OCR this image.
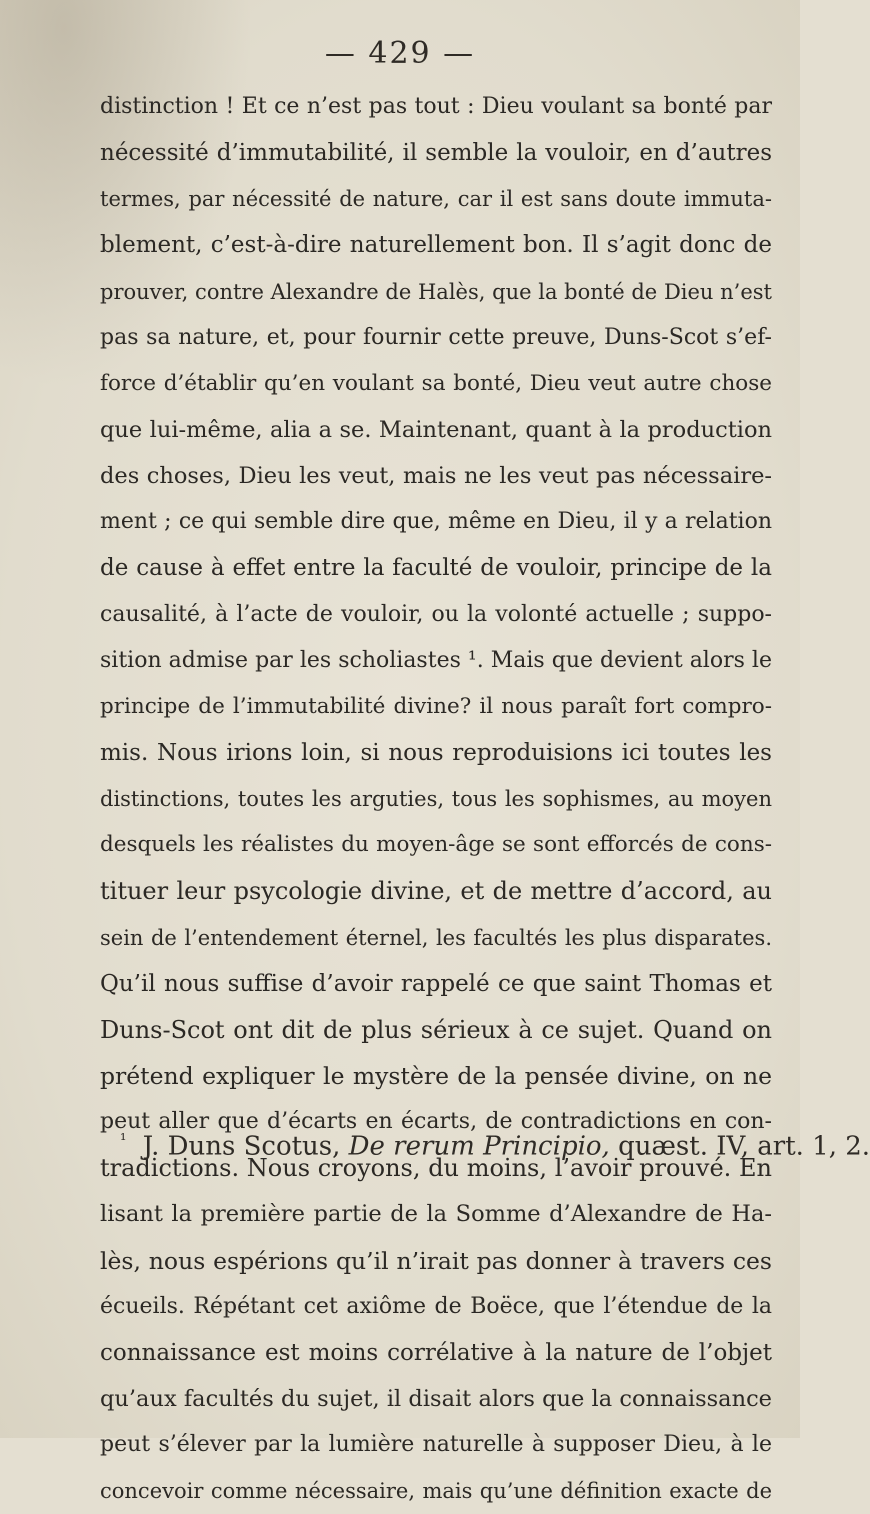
— 429 —
distinction ! Et ce n’est pas tout : Dieu voulant sa bonté par
nécessité d’immutabilité, il semble la vouloir, en d’autres
termes, par nécessité de nature, car il est sans doute immuta-
blement, c’est-à-dire naturellement bon. Il s’agit donc de
prouver, contre Alexandre de Halès, que la bonté de Dieu n’est
pas sa nature, et, pour fournir cette preuve, Duns-Scot s’ef-
force d’établir qu’en voulant sa bonté, Dieu veut autre chose
que lui-même, alia a se. Maintenant, quant à la production
des choses, Dieu les veut, mais ne les veut pas nécessaire-
ment ; ce qui semble dire que, même en Dieu, il y a relation
de cause à effet entre la faculté de vouloir, principe de la
causalité, à l’acte de vouloir, ou la volonté actuelle ; suppo-
sition admise par les scholiastes ¹. Mais que devient alors le
principe de l’immutabilité divine? il nous paraît fort compro-
mis. Nous irions loin, si nous reproduisions ici toutes les
distinctions, toutes les arguties, tous les sophismes, au moyen
desquels les réalistes du moyen-âge se sont efforcés de cons-
tituer leur psycologie divine, et de mettre d’accord, au
sein de l’entendement éternel, les facultés les plus disparates.
Qu’il nous suffise d’avoir rappelé ce que saint Thomas et
Duns-Scot ont dit de plus sérieux à ce sujet. Quand on
prétend expliquer le mystère de la pensée divine, on ne
peut aller que d’écarts en écarts, de contradictions en con-
tradictions. Nous croyons, du moins, l’avoir prouvé. En
lisant la première partie de la Somme d’Alexandre de Ha-
lès, nous espérions qu’il n’irait pas donner à travers ces
écueils. Répétant cet axiôme de Boëce, que l’étendue de la
connaissance est moins corrélative à la nature de l’objet
qu’aux facultés du sujet, il disait alors que la connaissance
peut s’élever par la lumière naturelle à supposer Dieu, à le
concevoir comme nécessaire, mais qu’une définition exacte de
$^{^1}$ J. Duns Scotus, De rerum Principio, quæst. IV, art. 1, 2.
